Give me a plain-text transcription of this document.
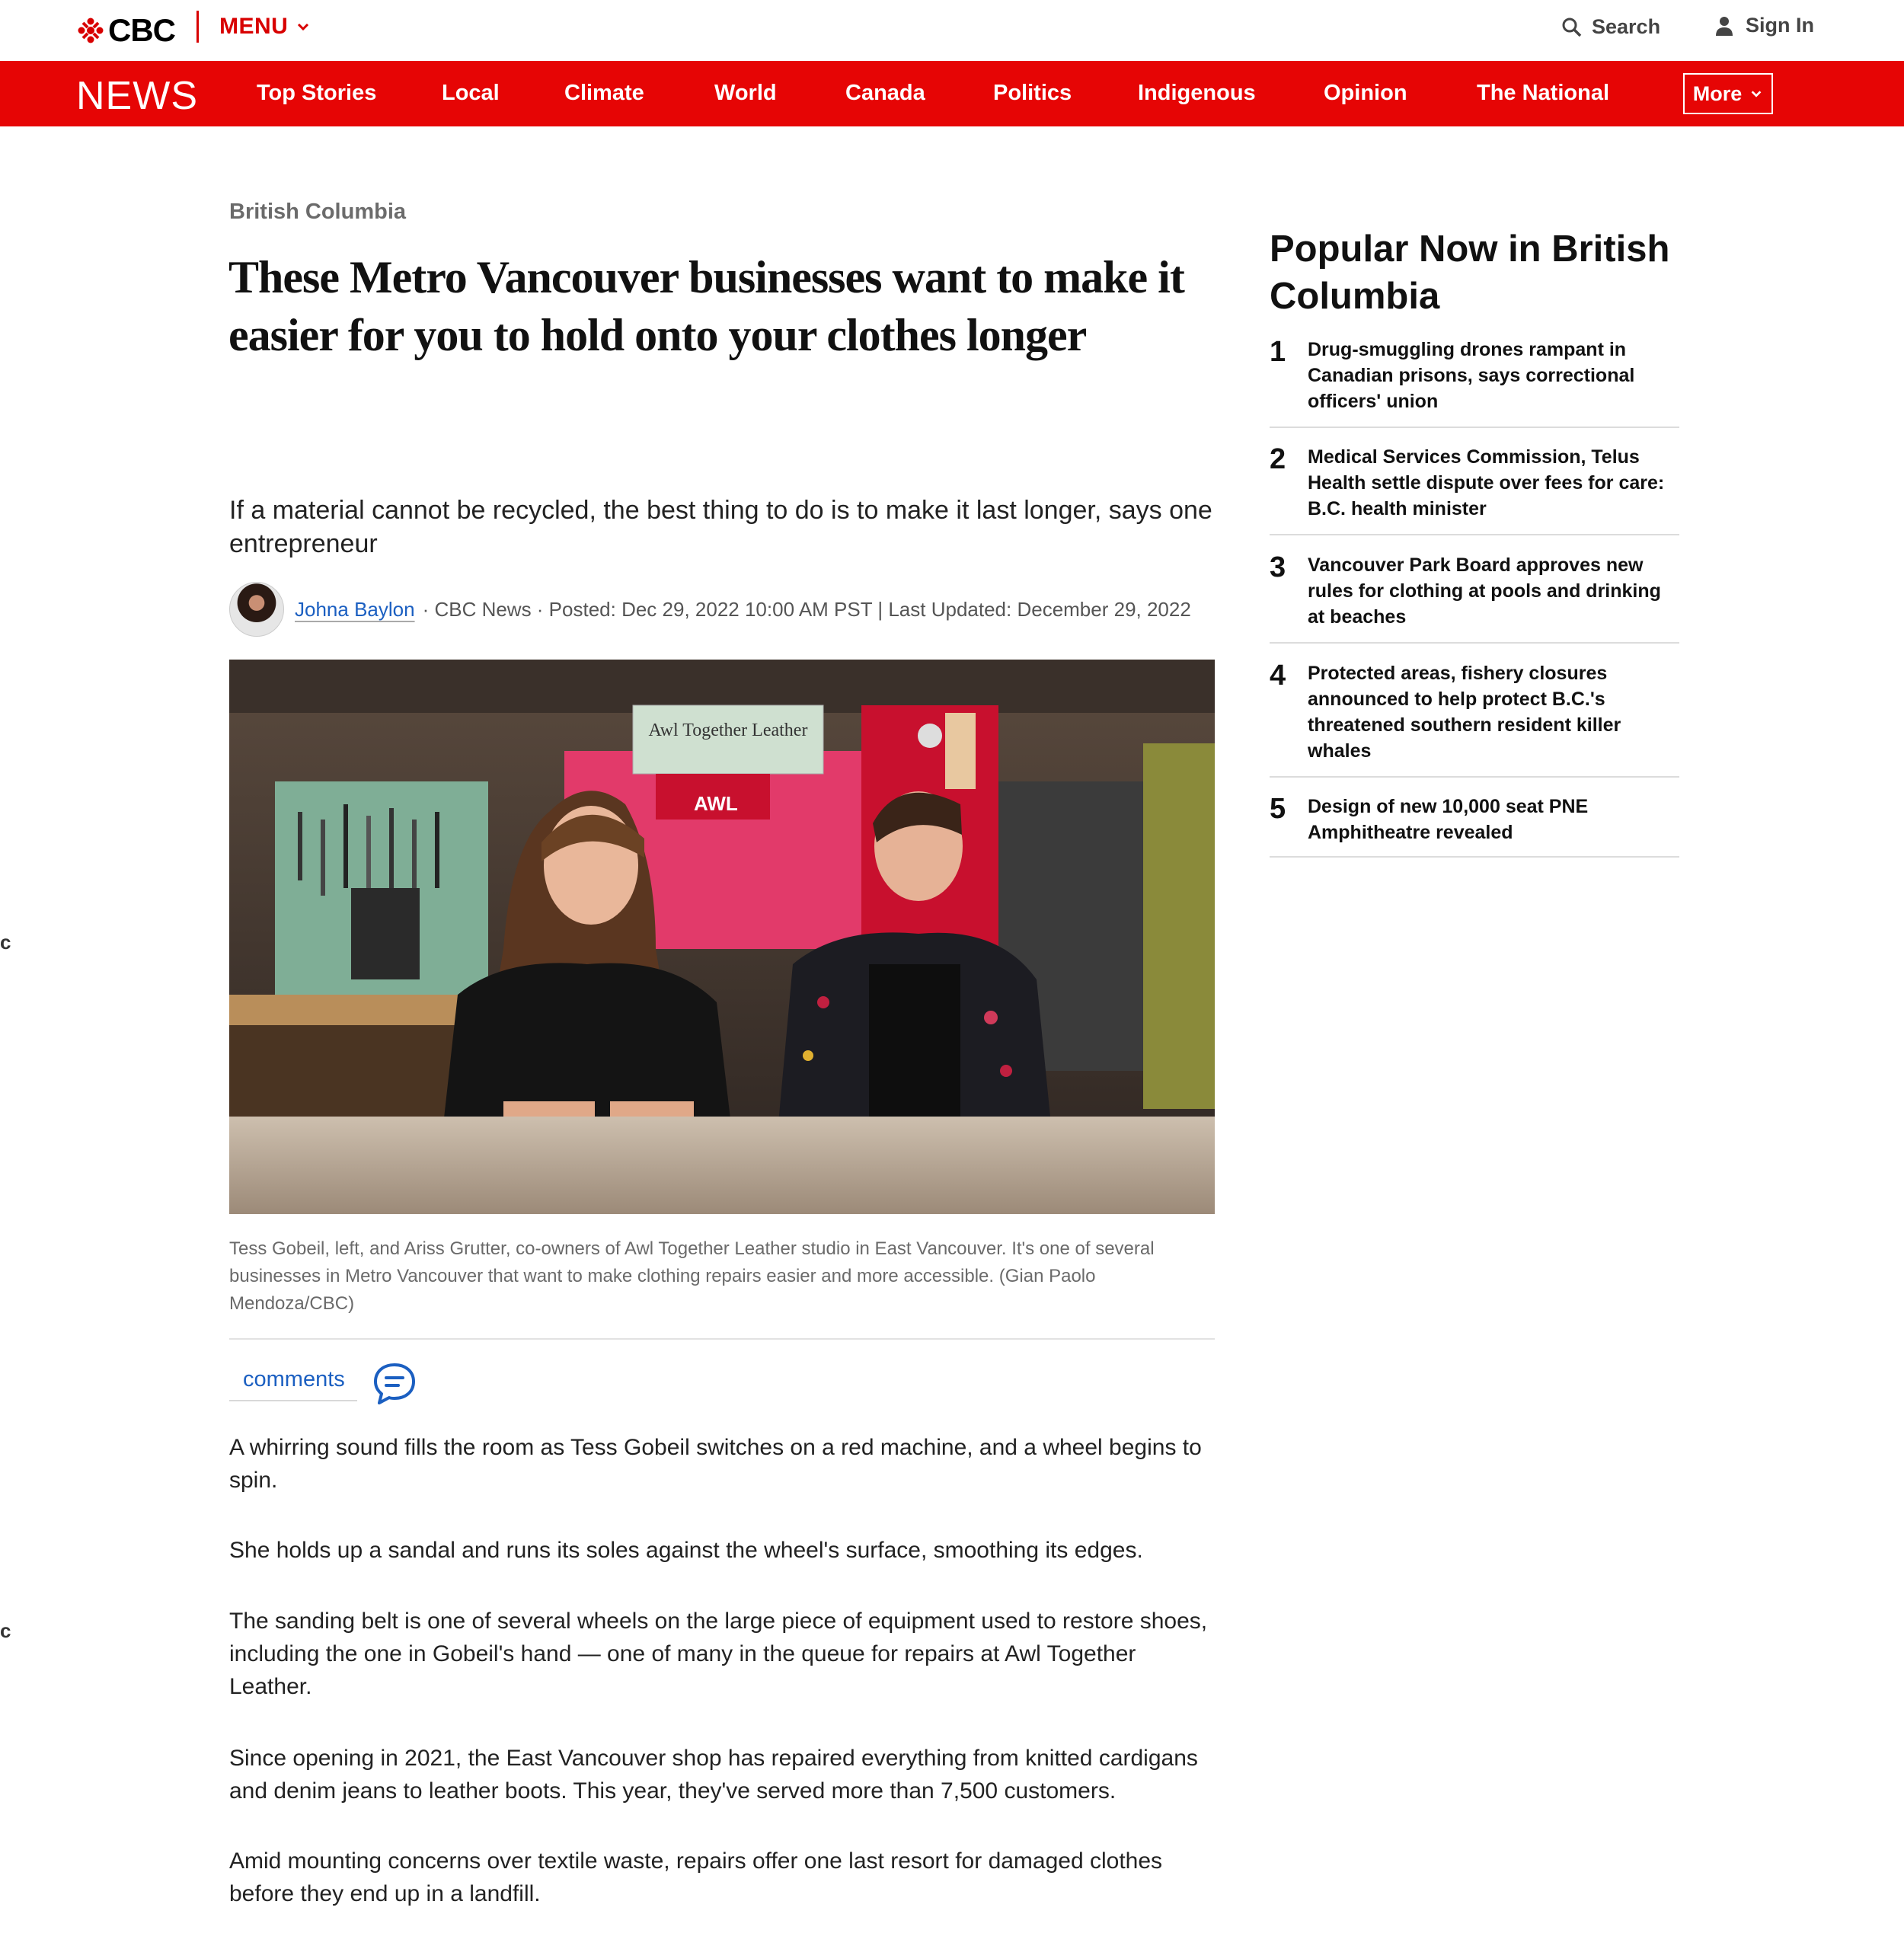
CBC MENU	Search	Sign In
NEWS	Top Stories	Local	Climate	World	Canada	Politics	Indigenous	Opinion	The National	More
British Columbia
These Metro Vancouver businesses want to make it easier for you to hold onto your clothes longer

If a material cannot be recycled, the best thing to do is to make it last longer, says one entrepreneur

Johna Baylon · CBC News · Posted: Dec 29, 2022 10:00 AM PST | Last Updated: December 29, 2022
Awl Together Leather
AWL
Tess Gobeil, left, and Ariss Grutter, co-owners of Awl Together Leather studio in East Vancouver. It's one of several businesses in Metro Vancouver that want to make clothing repairs easier and more accessible. (Gian Paolo Mendoza/CBC)
comments

A whirring sound fills the room as Tess Gobeil switches on a red machine, and a wheel begins to spin.

She holds up a sandal and runs its soles against the wheel's surface, smoothing its edges.

The sanding belt is one of several wheels on the large piece of equipment used to restore shoes, including the one in Gobeil's hand — one of many in the queue for repairs at Awl Together Leather.

Since opening in 2021, the East Vancouver shop has repaired everything from knitted cardigans and denim jeans to leather boots. This year, they've served more than 7,500 customers.

Amid mounting concerns over textile waste, repairs offer one last resort for damaged clothes before they end up in a landfill.

Popular Now in British Columbia
1 Drug-smuggling drones rampant in Canadian prisons, says correctional officers' union
2 Medical Services Commission, Telus Health settle dispute over fees for care: B.C. health minister
3 Vancouver Park Board approves new rules for clothing at pools and drinking at beaches
4 Protected areas, fishery closures announced to help protect B.C.'s threatened southern resident killer whales
5 Design of new 10,000 seat PNE Amphitheatre revealed
c
c
